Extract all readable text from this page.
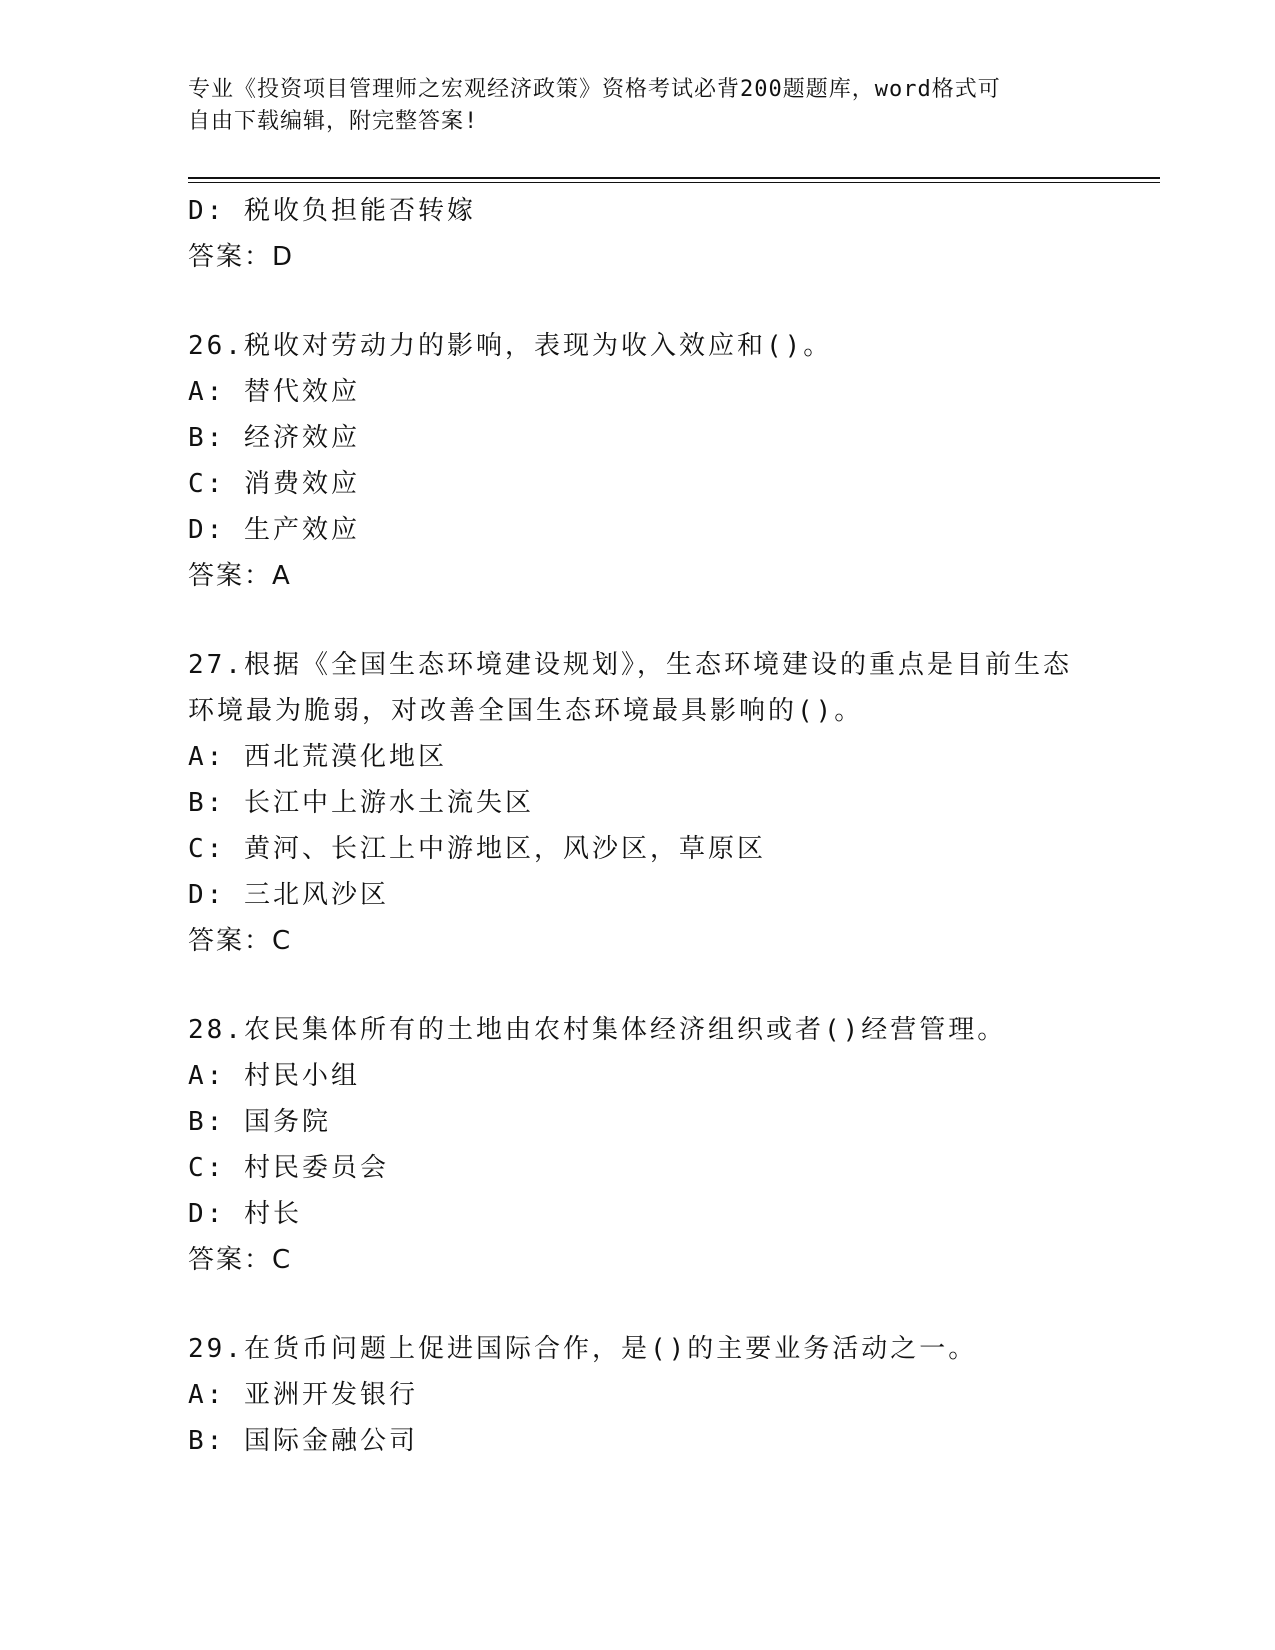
专业《投资项目管理师之宏观经济政策》资格考试必背200题题库，word格式可
自由下载编辑，附完整答案!
D: 税收负担能否转嫁
答案：D
26.税收对劳动力的影响，表现为收入效应和()。
A: 替代效应
B: 经济效应
C: 消费效应
D: 生产效应
答案：A
27.根据《全国生态环境建设规划》，生态环境建设的重点是目前生态
环境最为脆弱，对改善全国生态环境最具影响的()。
A: 西北荒漠化地区
B: 长江中上游水土流失区
C: 黄河、长江上中游地区，风沙区，草原区
D: 三北风沙区
答案：C
28.农民集体所有的土地由农村集体经济组织或者()经营管理。
A: 村民小组
B: 国务院
C: 村民委员会
D: 村长
答案：C
29.在货币问题上促进国际合作，是()的主要业务活动之一。
A: 亚洲开发银行
B: 国际金融公司
